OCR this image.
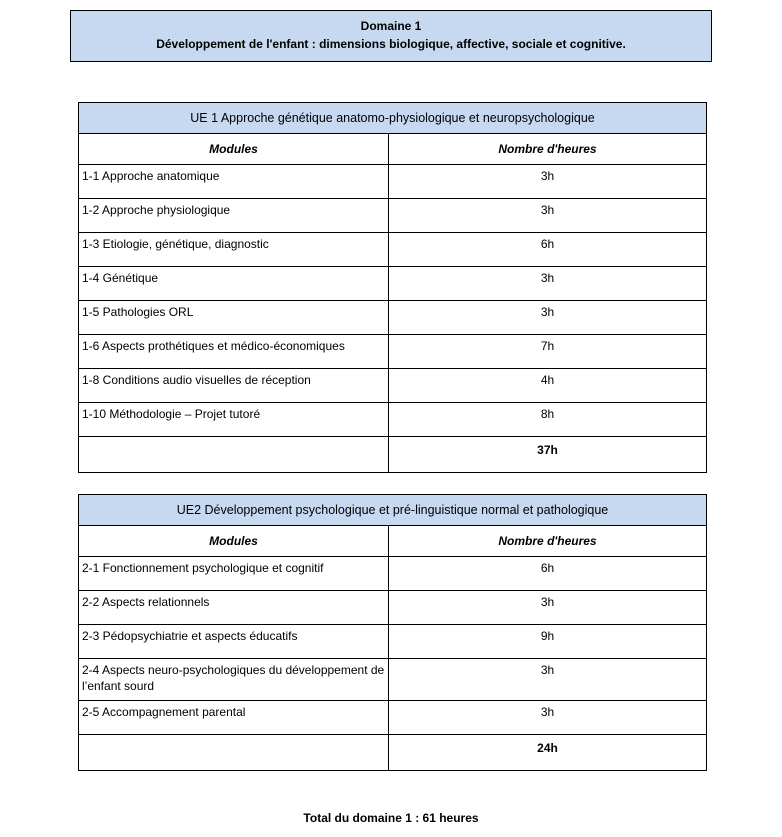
Domaine 1
Développement de l'enfant : dimensions biologique, affective, sociale et cognitive.
UE 1 Approche génétique anatomo-physiologique et neuropsychologique	
Modules	Nombre d'heures
1-1 Approche anatomique	3h
1-2 Approche physiologique	3h
1-3 Etiologie, génétique, diagnostic	6h
1-4 Génétique	3h
1-5 Pathologies ORL	3h
1-6 Aspects prothétiques et médico-économiques	7h
1-8 Conditions audio visuelles de réception	4h
1-10 Méthodologie – Projet tutoré	8h
	37h
UE2 Développement psychologique et pré-linguistique normal et pathologique	
Modules	Nombre d'heures
2-1 Fonctionnement psychologique et cognitif	6h
2-2 Aspects relationnels	3h
2-3 Pédopsychiatrie et aspects éducatifs	9h
2-4 Aspects neuro-psychologiques du développement de l’enfant sourd	3h
2-5 Accompagnement parental	3h
	24h
Total du domaine 1 : 61 heures
